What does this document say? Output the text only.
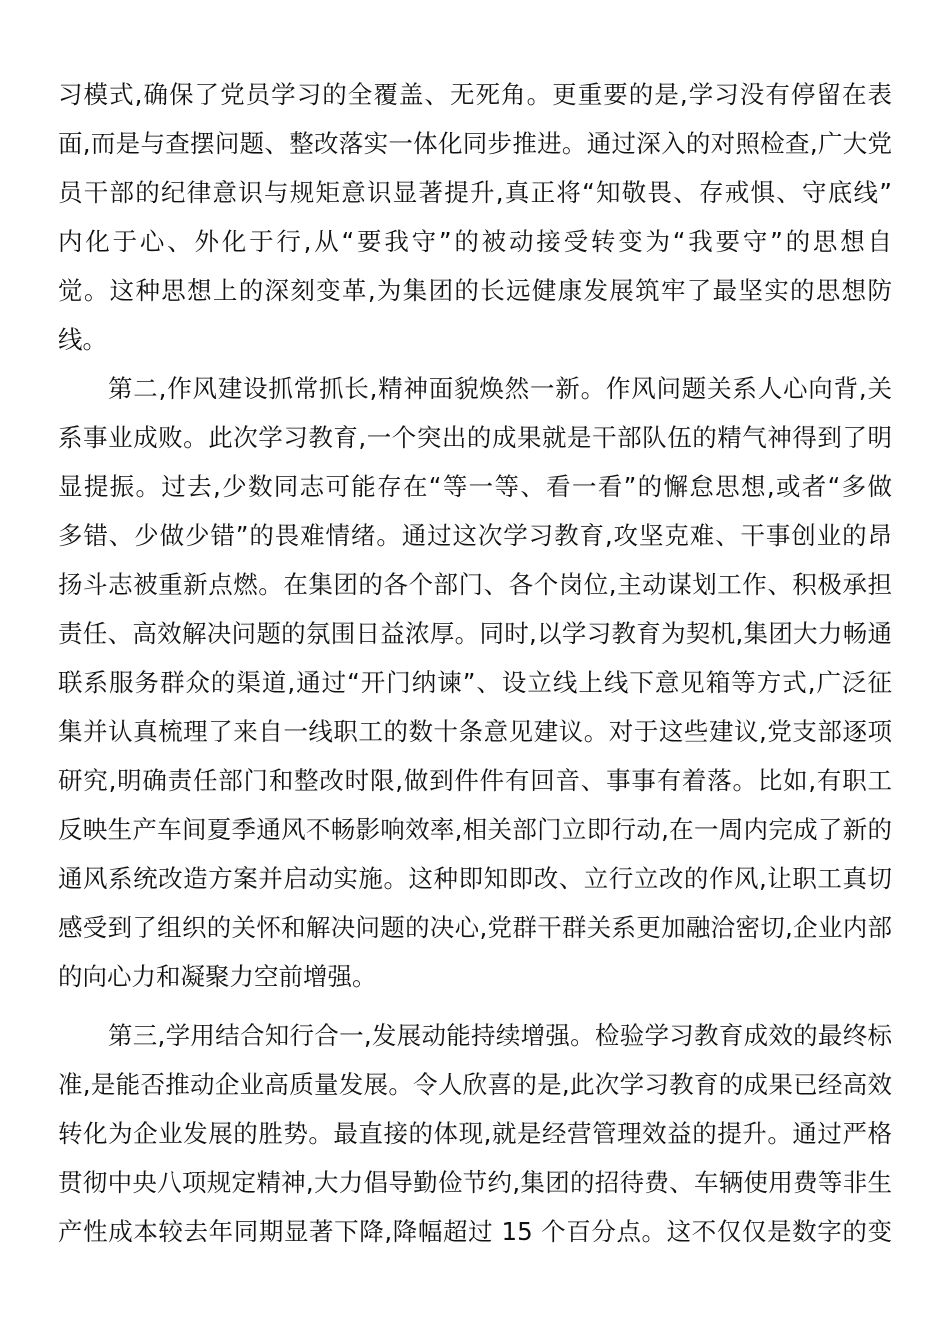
习模式,确保了党员学习的全覆盖、无死角。更重要的是,学习没有停留在表
面,而是与查摆问题、整改落实一体化同步推进。通过深入的对照检查,广大党
员干部的纪律意识与规矩意识显著提升,真正将“知敬畏、存戒惧、守底线”
内化于心、外化于行,从“要我守”的被动接受转变为“我要守”的思想自
觉。这种思想上的深刻变革,为集团的长远健康发展筑牢了最坚实的思想防
线。
第二,作风建设抓常抓长,精神面貌焕然一新。作风问题关系人心向背,关
系事业成败。此次学习教育,一个突出的成果就是干部队伍的精气神得到了明
显提振。过去,少数同志可能存在“等一等、看一看”的懈怠思想,或者“多做
多错、少做少错”的畏难情绪。通过这次学习教育,攻坚克难、干事创业的昂
扬斗志被重新点燃。在集团的各个部门、各个岗位,主动谋划工作、积极承担
责任、高效解决问题的氛围日益浓厚。同时,以学习教育为契机,集团大力畅通
联系服务群众的渠道,通过“开门纳谏”、设立线上线下意见箱等方式,广泛征
集并认真梳理了来自一线职工的数十条意见建议。对于这些建议,党支部逐项
研究,明确责任部门和整改时限,做到件件有回音、事事有着落。比如,有职工
反映生产车间夏季通风不畅影响效率,相关部门立即行动,在一周内完成了新的
通风系统改造方案并启动实施。这种即知即改、立行立改的作风,让职工真切
感受到了组织的关怀和解决问题的决心,党群干群关系更加融洽密切,企业内部
的向心力和凝聚力空前增强。
第三,学用结合知行合一,发展动能持续增强。检验学习教育成效的最终标
准,是能否推动企业高质量发展。令人欣喜的是,此次学习教育的成果已经高效
转化为企业发展的胜势。最直接的体现,就是经营管理效益的提升。通过严格
贯彻中央八项规定精神,大力倡导勤俭节约,集团的招待费、车辆使用费等非生
产性成本较去年同期显著下降,降幅超过 15 个百分点。这不仅仅是数字的变
